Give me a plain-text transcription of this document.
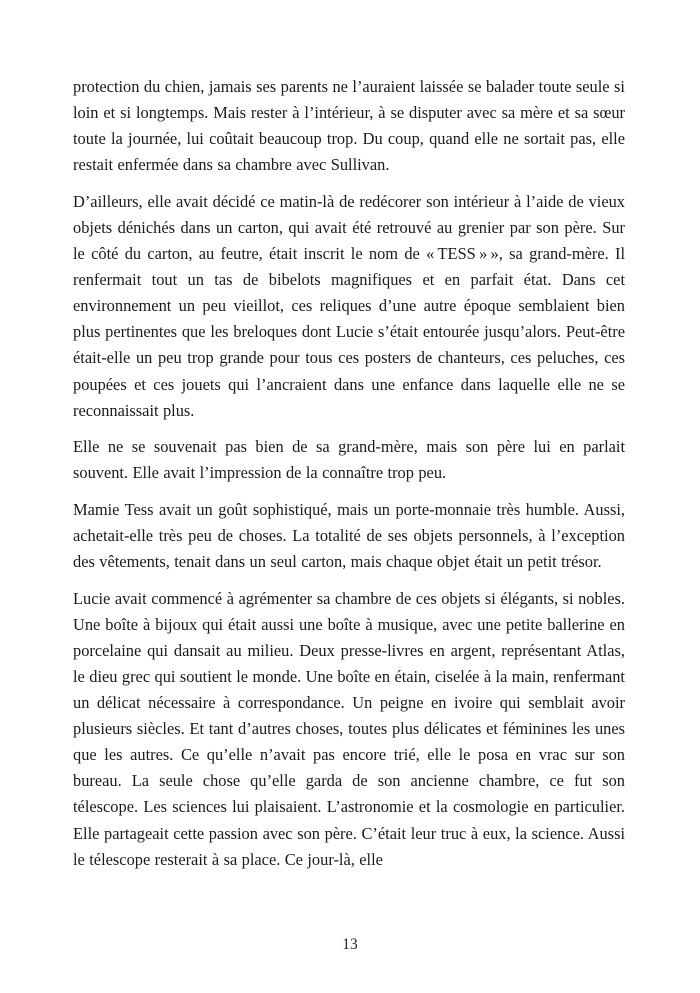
protection du chien, jamais ses parents ne l’auraient laissée se balader toute seule si loin et si longtemps. Mais rester à l’intérieur, à se disputer avec sa mère et sa sœur toute la journée, lui coûtait beaucoup trop. Du coup, quand elle ne sortait pas, elle restait enfermée dans sa chambre avec Sullivan.

D’ailleurs, elle avait décidé ce matin-là de redécorer son intérieur à l’aide de vieux objets dénichés dans un carton, qui avait été retrouvé au grenier par son père. Sur le côté du carton, au feutre, était inscrit le nom de « TESS » », sa grand-mère. Il renfermait tout un tas de bibelots magnifiques et en parfait état. Dans cet environnement un peu vieillot, ces reliques d’une autre époque semblaient bien plus pertinentes que les breloques dont Lucie s’était entourée jusqu’alors. Peut-être était-elle un peu trop grande pour tous ces posters de chanteurs, ces peluches, ces poupées et ces jouets qui l’ancraient dans une enfance dans laquelle elle ne se reconnaissait plus.

Elle ne se souvenait pas bien de sa grand-mère, mais son père lui en parlait souvent. Elle avait l’impression de la connaître trop peu.

Mamie Tess avait un goût sophistiqué, mais un porte-monnaie très humble. Aussi, achetait-elle très peu de choses. La totalité de ses objets personnels, à l’exception des vêtements, tenait dans un seul carton, mais chaque objet était un petit trésor.

Lucie avait commencé à agrémenter sa chambre de ces objets si élégants, si nobles. Une boîte à bijoux qui était aussi une boîte à musique, avec une petite ballerine en porcelaine qui dansait au milieu. Deux presse-livres en argent, représentant Atlas, le dieu grec qui soutient le monde. Une boîte en étain, ciselée à la main, renfermant un délicat nécessaire à correspondance. Un peigne en ivoire qui semblait avoir plusieurs siècles. Et tant d’autres choses, toutes plus délicates et féminines les unes que les autres. Ce qu’elle n’avait pas encore trié, elle le posa en vrac sur son bureau. La seule chose qu’elle garda de son ancienne chambre, ce fut son télescope. Les sciences lui plaisaient. L’astronomie et la cosmologie en particulier. Elle partageait cette passion avec son père. C’était leur truc à eux, la science. Aussi le télescope resterait à sa place. Ce jour-là, elle

13
